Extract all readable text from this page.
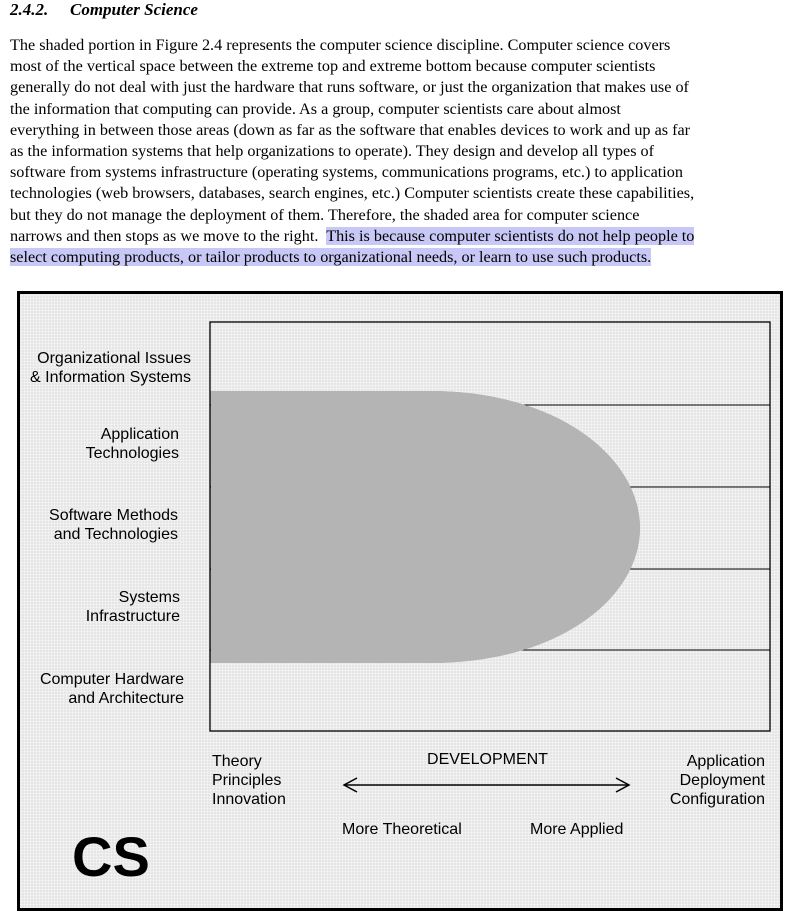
2.4.2. Computer Science
The shaded portion in Figure 2.4 represents the computer science discipline. Computer science covers
most of the vertical space between the extreme top and extreme bottom because computer scientists
generally do not deal with just the hardware that runs software, or just the organization that makes use of
the information that computing can provide. As a group, computer scientists care about almost
everything in between those areas (down as far as the software that enables devices to work and up as far
as the information systems that help organizations to operate). They design and develop all types of
software from systems infrastructure (operating systems, communications programs, etc.) to application
technologies (web browsers, databases, search engines, etc.) Computer scientists create these capabilities,
but they do not manage the deployment of them. Therefore, the shaded area for computer science
narrows and then stops as we move to the right.  This is because computer scientists do not help people to
select computing products, or tailor products to organizational needs, or learn to use such products.
Organizational Issues
& Information Systems
Application
Technologies
Software Methods
and Technologies
Systems
Infrastructure
Computer Hardware
and Architecture
Theory
Principles
Innovation
DEVELOPMENT	Application
Deployment
Configuration
More Theoretical	More Applied
CS
